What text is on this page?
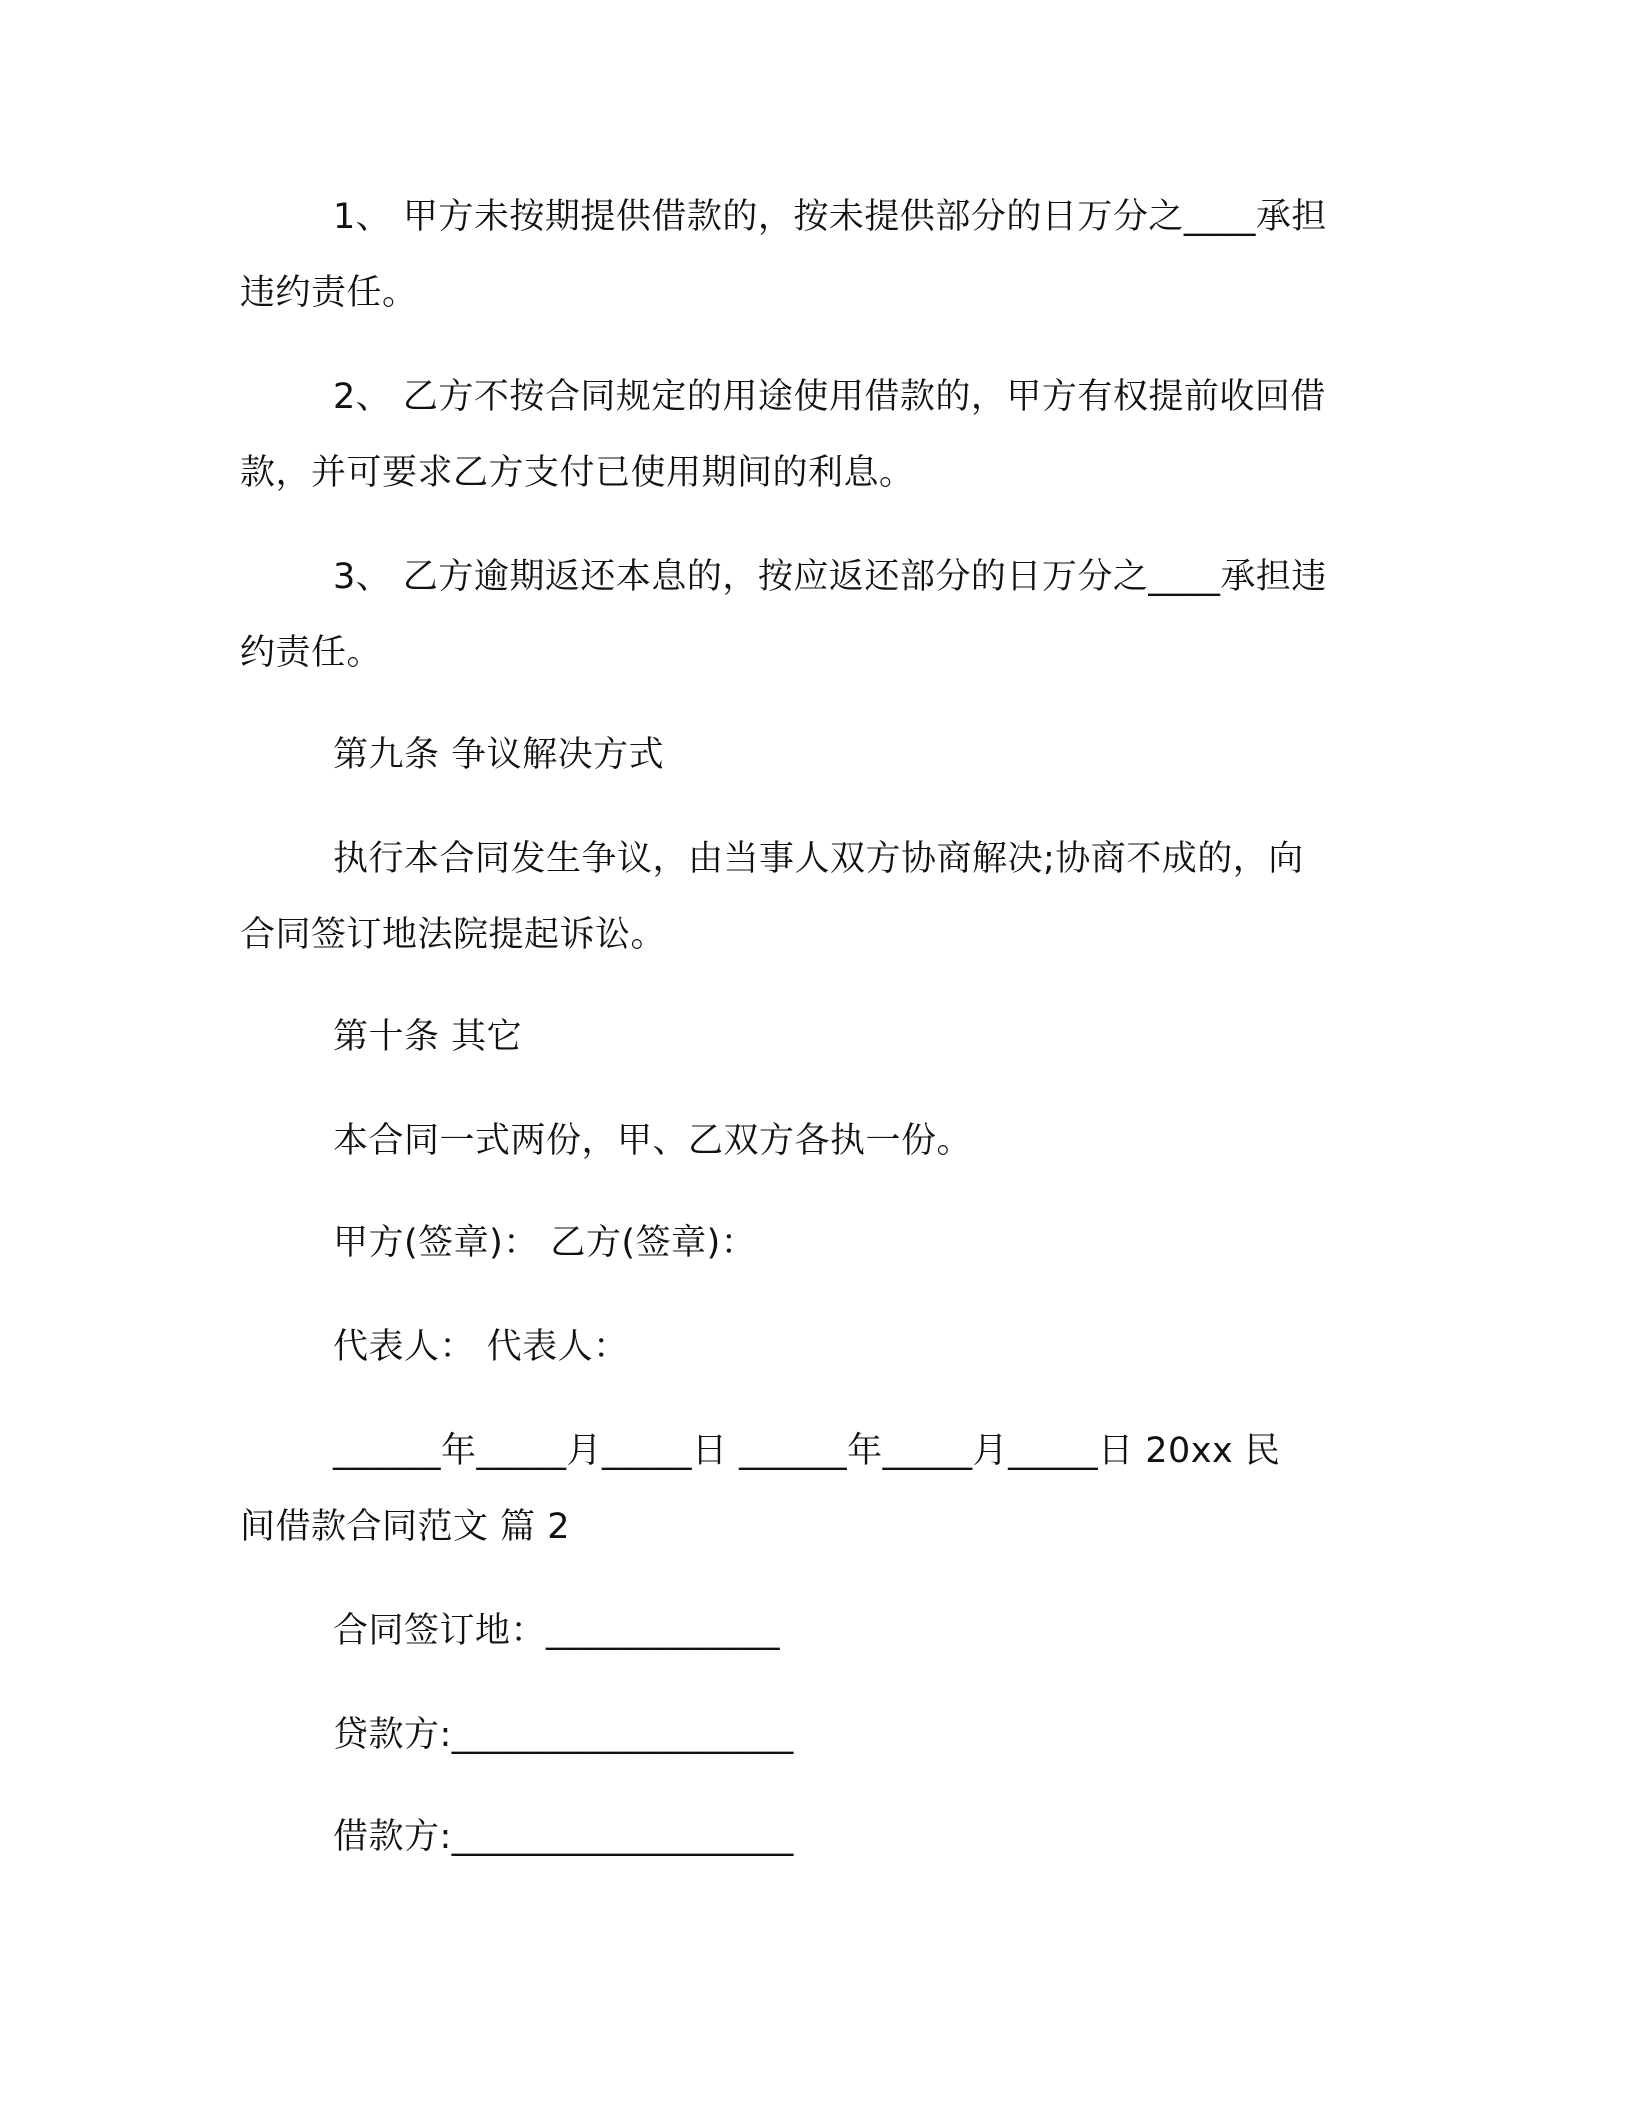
1、 甲方未按期提供借款的，按未提供部分的日万分之____承担
违约责任。
2、 乙方不按合同规定的用途使用借款的，甲方有权提前收回借
款，并可要求乙方支付已使用期间的利息。
3、 乙方逾期返还本息的，按应返还部分的日万分之____承担违
约责任。
第九条 争议解决方式
执行本合同发生争议，由当事人双方协商解决;协商不成的，向
合同签订地法院提起诉讼。
第十条 其它
本合同一式两份，甲、乙双方各执一份。
甲方(签章)： 乙方(签章)：
代表人： 代表人：
______年_____月_____日 ______年_____月_____日 20xx 民
间借款合同范文 篇 2
合同签订地：_____________
贷款方:___________________
借款方:___________________
